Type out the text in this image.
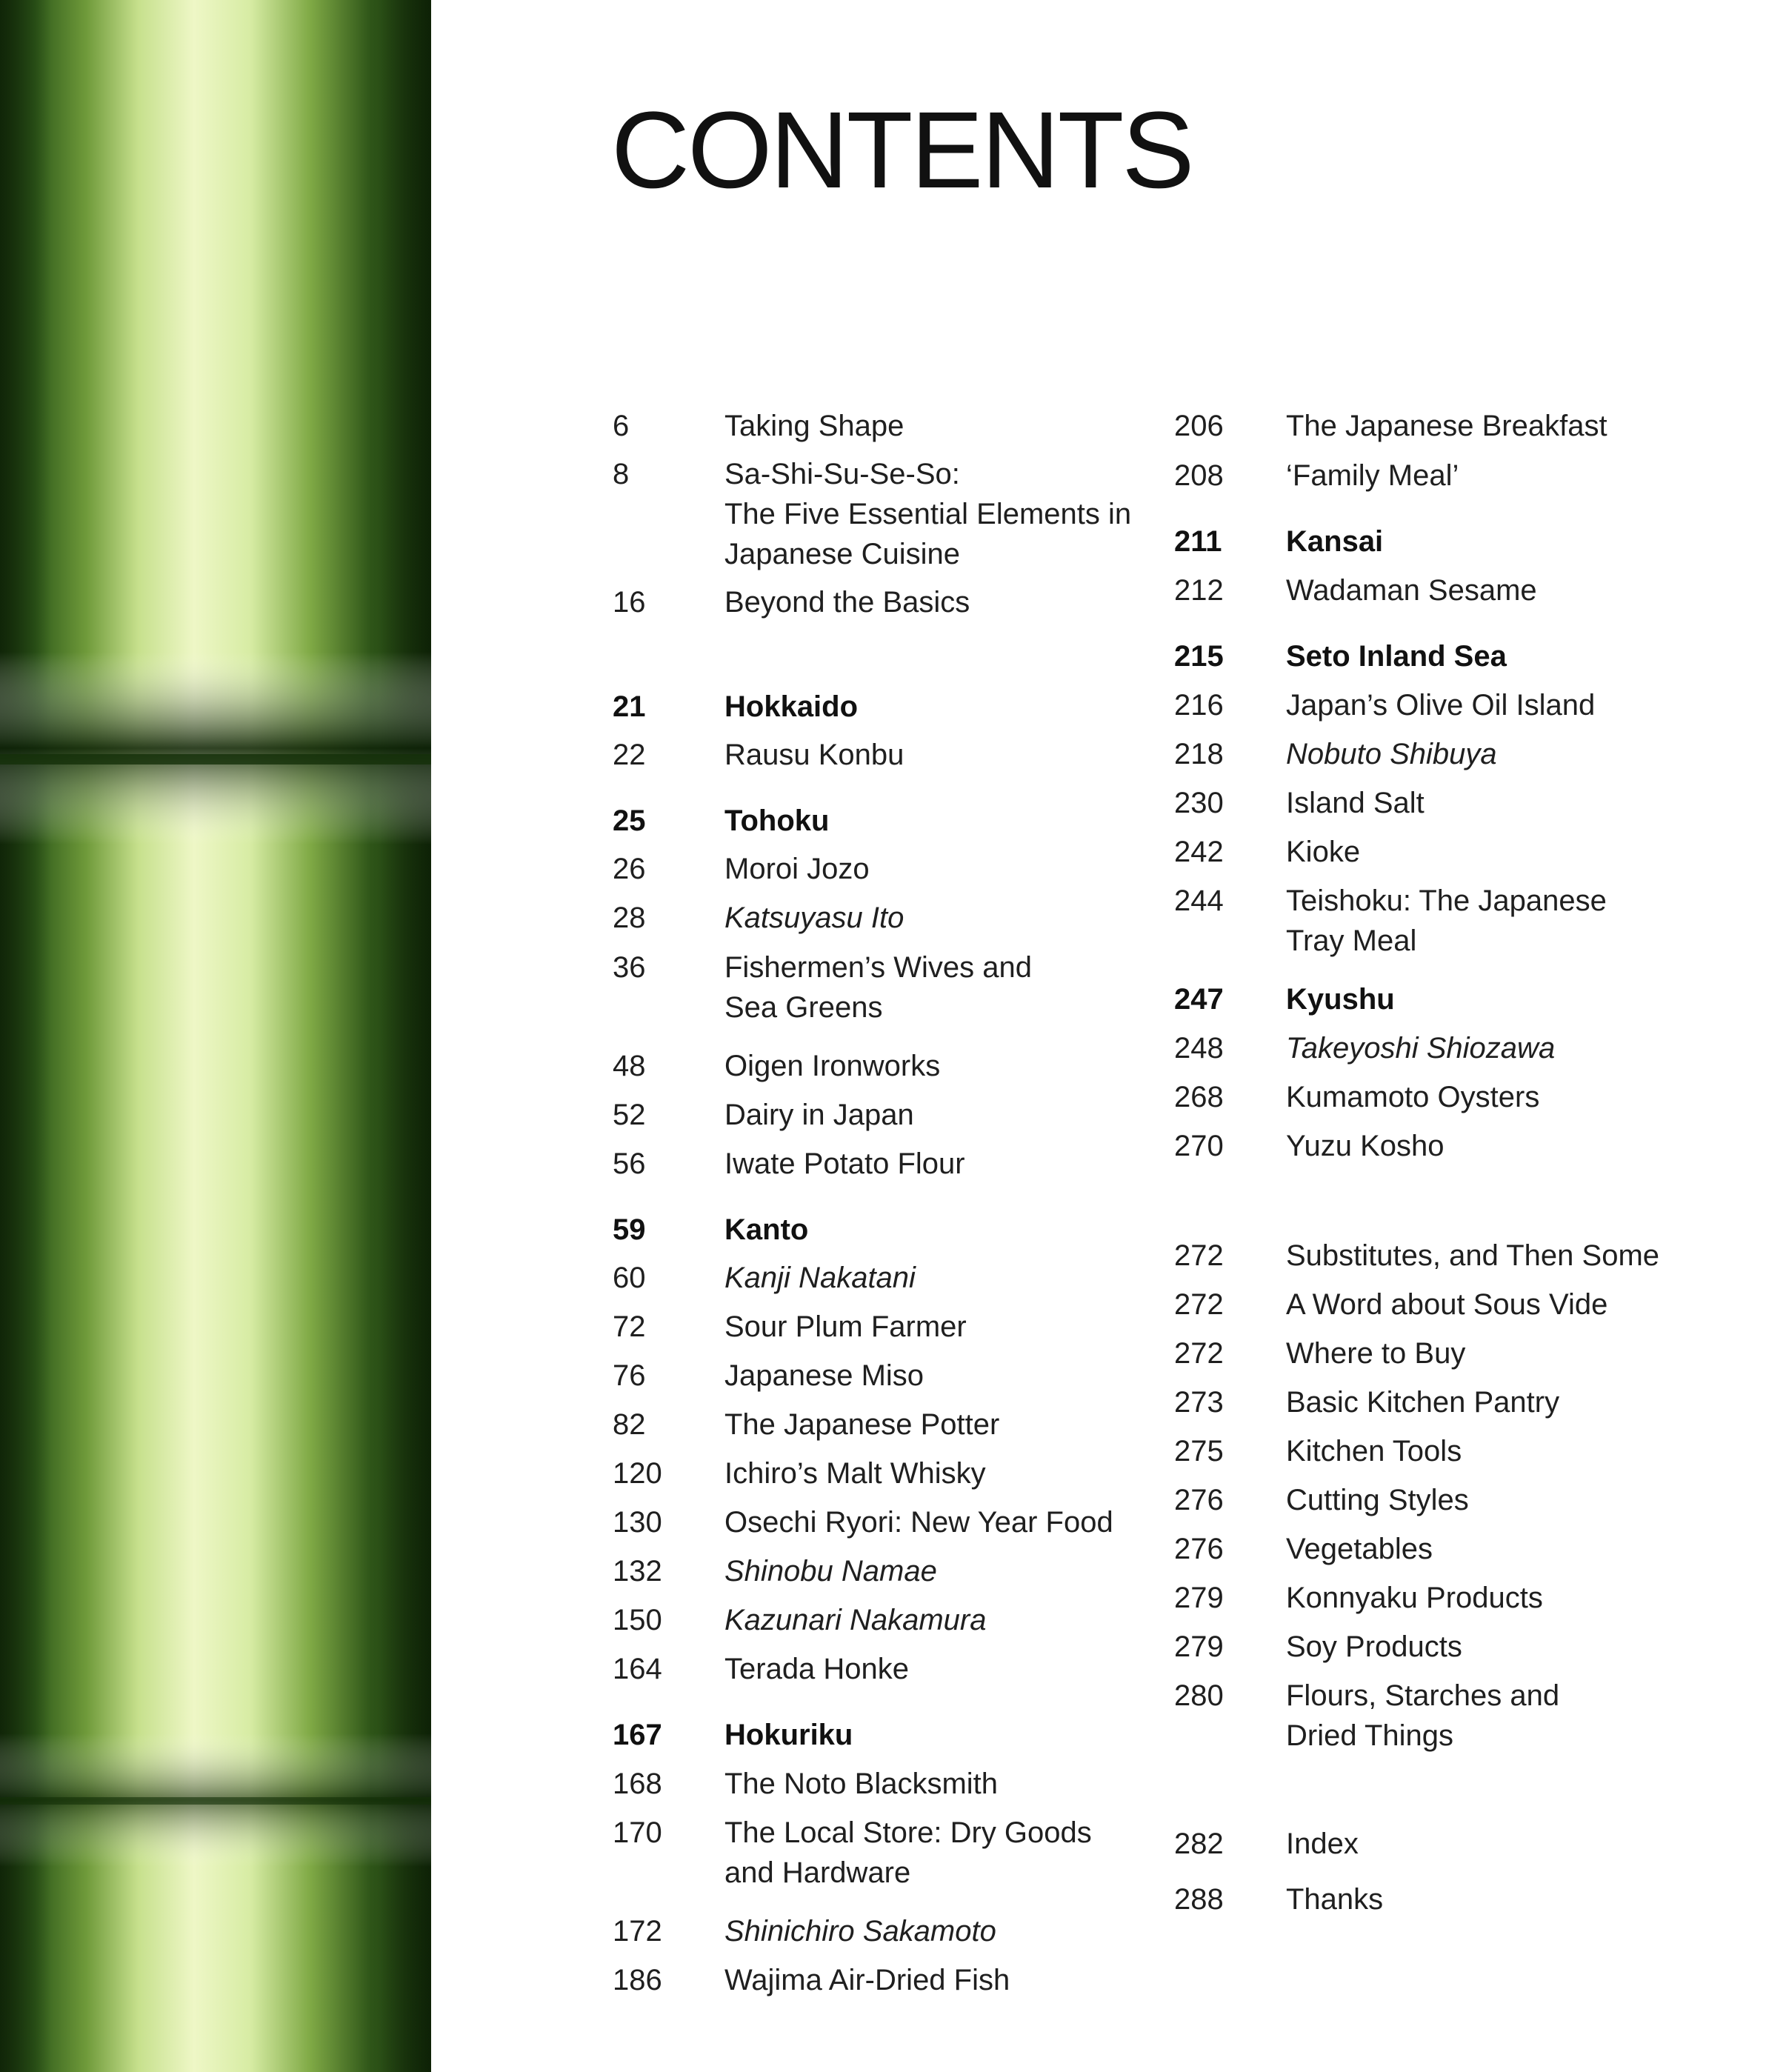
CONTENTS
6	Taking Shape
8	Sa-Shi-Su-Se-So:
The Five Essential Elements in
Japanese Cuisine
16	Beyond the Basics
21	Hokkaido
22	Rausu Konbu
25	Tohoku
26	Moroi Jozo
28	Katsuyasu Ito
36	Fishermen’s Wives and
Sea Greens
48	Oigen Ironworks
52	Dairy in Japan
56	Iwate Potato Flour
59	Kanto
60	Kanji Nakatani
72	Sour Plum Farmer
76	Japanese Miso
82	The Japanese Potter
120 Ichiro’s Malt Whisky
130 Osechi Ryori: New Year Food
132 Shinobu Namae
150 Kazunari Nakamura
164 Terada Honke
167 Hokuriku
168 The Noto Blacksmith
170 The Local Store: Dry Goods
and Hardware
172 Shinichiro Sakamoto
186 Wajima Air-Dried Fish
206 The Japanese Breakfast
208 ‘Family Meal’
211 Kansai
212 Wadaman Sesame
215 Seto Inland Sea
216 Japan’s Olive Oil Island
218 Nobuto Shibuya
230 Island Salt
242 Kioke
244 Teishoku: The Japanese
Tray Meal
247 Kyushu
248 Takeyoshi Shiozawa
268 Kumamoto Oysters
270 Yuzu Kosho
272 Substitutes, and Then Some
272 A Word about Sous Vide
272 Where to Buy
273 Basic Kitchen Pantry
275 Kitchen Tools
276 Cutting Styles
276 Vegetables
279 Konnyaku Products
279 Soy Products
280 Flours, Starches and
Dried Things
282 Index
288 Thanks
